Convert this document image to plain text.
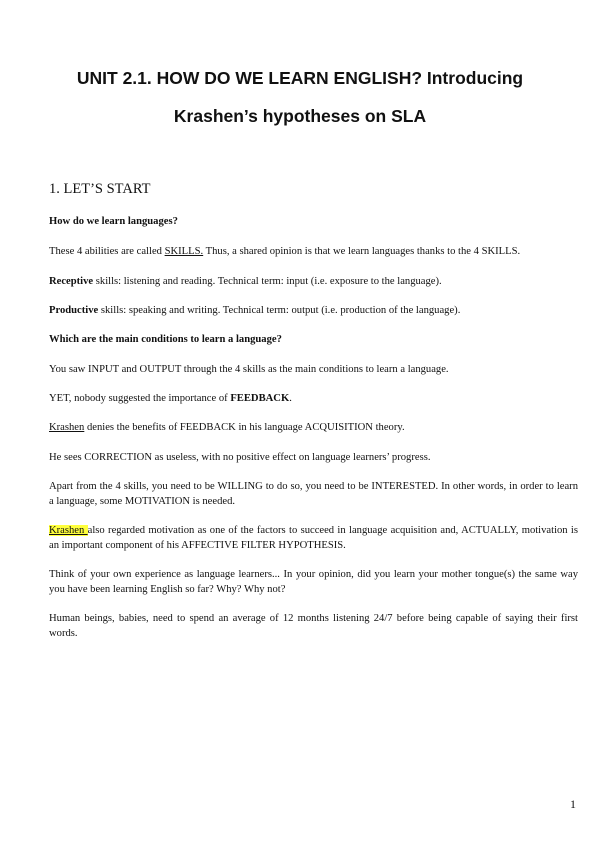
UNIT 2.1. HOW DO WE LEARN ENGLISH? Introducing
Krashen’s hypotheses on SLA
1. LET’S START
How do we learn languages?
These 4 abilities are called SKILLS. Thus, a shared opinion is that we learn languages thanks to the 4 SKILLS.
Receptive skills: listening and reading. Technical term: input (i.e. exposure to the language).
Productive skills: speaking and writing. Technical term: output (i.e. production of the language).
Which are the main conditions to learn a language?
You saw INPUT and OUTPUT through the 4 skills as the main conditions to learn a language.
YET, nobody suggested the importance of FEEDBACK.
Krashen denies the benefits of FEEDBACK in his language ACQUISITION theory.
He sees CORRECTION as useless, with no positive effect on language learners’ progress.
Apart from the 4 skills, you need to be WILLING to do so, you need to be INTERESTED. In other words, in order to learn a language, some MOTIVATION is needed.
Krashen also regarded motivation as one of the factors to succeed in language acquisition and, ACTUALLY, motivation is an important component of his AFFECTIVE FILTER HYPOTHESIS.
Think of your own experience as language learners... In your opinion, did you learn your mother tongue(s) the same way you have been learning English so far? Why? Why not?
Human beings, babies, need to spend an average of 12 months listening 24/7 before being capable of saying their first words.
1
